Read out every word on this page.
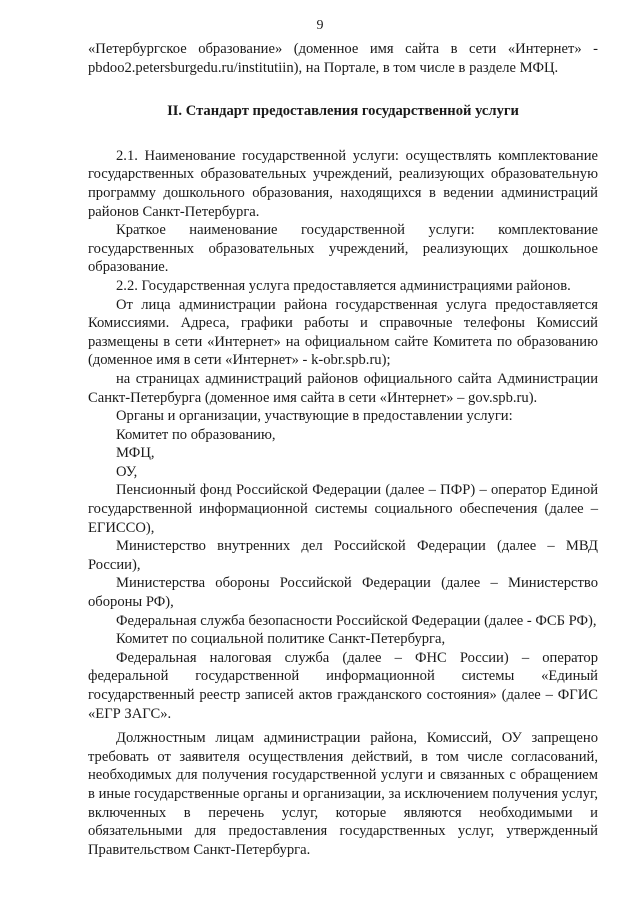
9

«Петербургское образование» (доменное имя сайта в сети «Интернет» - pbdoo2.petersburgedu.ru/institutiin), на Портале, в том числе в разделе МФЦ.

II. Стандарт предоставления государственной услуги

2.1. Наименование государственной услуги: осуществлять комплектование государственных образовательных учреждений, реализующих образовательную программу дошкольного образования, находящихся в ведении администраций районов Санкт-Петербурга.

Краткое наименование государственной услуги: комплектование государственных образовательных учреждений, реализующих дошкольное образование.

2.2. Государственная услуга предоставляется администрациями районов.

От лица администрации района государственная услуга предоставляется Комиссиями. Адреса, графики работы и справочные телефоны Комиссий размещены в сети «Интернет» на официальном сайте Комитета по образованию (доменное имя в сети «Интернет» - k-obr.spb.ru);

на страницах администраций районов официального сайта Администрации Санкт-Петербурга (доменное имя сайта в сети «Интернет» – gov.spb.ru).

Органы и организации, участвующие в предоставлении услуги:

Комитет по образованию,

МФЦ,

ОУ,

Пенсионный фонд Российской Федерации (далее – ПФР) – оператор Единой государственной информационной системы социального обеспечения (далее – ЕГИССО),

Министерство внутренних дел Российской Федерации (далее – МВД России),

Министерства обороны Российской Федерации (далее – Министерство обороны РФ),

Федеральная служба безопасности Российской Федерации (далее - ФСБ РФ),

Комитет по социальной политике Санкт-Петербурга,

Федеральная налоговая служба (далее – ФНС России) – оператор федеральной государственной информационной системы «Единый государственный реестр записей актов гражданского состояния» (далее – ФГИС «ЕГР ЗАГС».

Должностным лицам администрации района, Комиссий, ОУ запрещено требовать от заявителя осуществления действий, в том числе согласований, необходимых для получения государственной услуги и связанных с обращением в иные государственные органы и организации, за исключением получения услуг, включенных в перечень услуг, которые являются необходимыми и обязательными для предоставления государственных услуг, утвержденный Правительством Санкт-Петербурга.
